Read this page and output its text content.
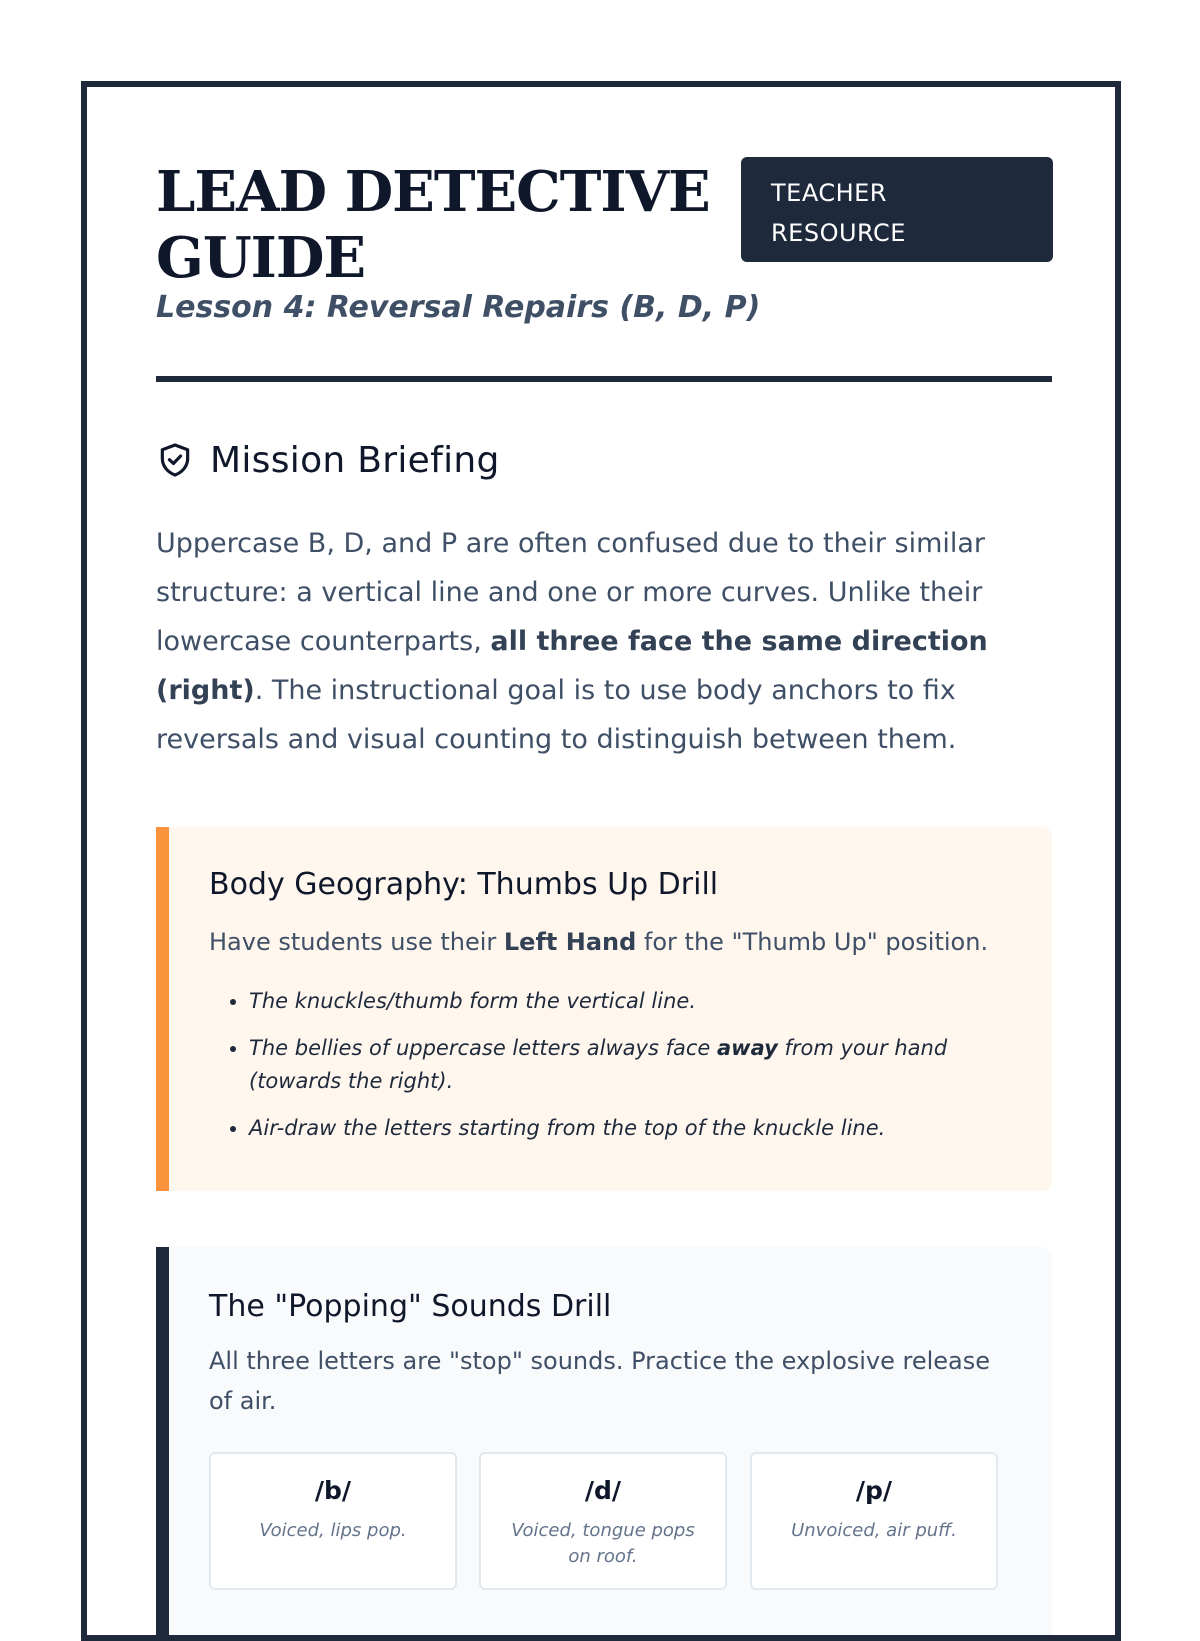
LEAD DETECTIVE GUIDE
TEACHER RESOURCE

Lesson 4: Reversal Repairs (B, D, P)

Mission Briefing

Uppercase B, D, and P are often confused due to their similar structure: a vertical line and one or more curves. Unlike their lowercase counterparts, all three face the same direction (right). The instructional goal is to use body anchors to fix reversals and visual counting to distinguish between them.

Body Geography: Thumbs Up Drill

Have students use their Left Hand for the "Thumb Up" position.

• The knuckles/thumb form the vertical line.
• The bellies of uppercase letters always face away from your hand (towards the right).
• Air-draw the letters starting from the top of the knuckle line.
The "Popping" Sounds Drill

All three letters are "stop" sounds. Practice the explosive release of air.

/b/
Voiced, lips pop.
/d/
Voiced, tongue pops on roof.
/p/
Unvoiced, air puff.
